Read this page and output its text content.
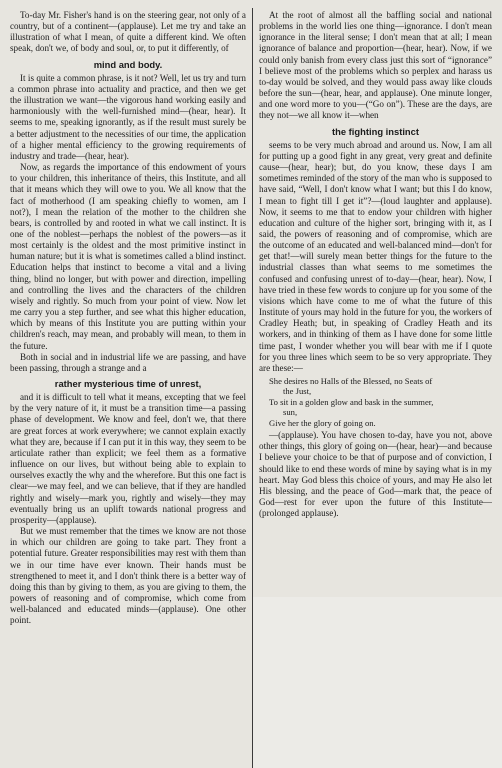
To-day Mr. Fisher's hand is on the steering gear, not only of a country, but of a continent—(applause). Let me try and take an illustration of what I mean, of quite a different kind. We often speak, don't we, of body and soul, or, to put it differently, of

mind and body.

It is quite a common phrase, is it not? Well, let us try and turn a common phrase into actuality and practice, and then we get the illustration we want—the vigorous hand working easily and harmoniously with the well-furnished mind—(hear, hear). It seems to me, speaking ignorantly, as if the result must surely be a better adjustment to the necessities of our time, the application of a higher mental efficiency to the growing requirements of industry and trade—(hear, hear).

Now, as regards the importance of this endowment of yours to your children, this inheritance of theirs, this Institute, and all that it means which they will owe to you. We all know that the fact of motherhood (I am speaking chiefly to women, am I not?), I mean the relation of the mother to the children she bears, is controlled by and rooted in what we call instinct. It is one of the noblest—perhaps the noblest of the powers—as it most certainly is the oldest and the most primitive instinct in human nature; but it is what is sometimes called a blind instinct. Education helps that instinct to become a vital and a living thing, blind no longer, but with power and direction, impelling and controlling the lives and the characters of the children wisely and rightly. So much from your point of view. Now let me carry you a step further, and see what this higher education, which by means of this Institute you are putting within your children's reach, may mean, and probably will mean, to them in the future.

Both in social and in industrial life we are passing, and have been passing, through a strange and a

rather mysterious time of unrest,

and it is difficult to tell what it means, excepting that we feel by the very nature of it, it must be a transition time—a passing phase of development. We know and feel, don't we, that there are great forces at work everywhere; we cannot explain exactly what they are, because if I can put it in this way, they seem to be articulate rather than explicit; we feel them as a formative influence on our lives, but without being able to explain to ourselves exactly the why and the wherefore. But this one fact is clear—we may feel, and we can believe, that if they are handled rightly and wisely—mark you, rightly and wisely—they may eventually bring us an uplift towards national progress and prosperity—(applause).

But we must remember that the times we know are not those in which our children are going to take part. They front a potential future. Greater responsibilities may rest with them than we in our time have ever known. Their hands must be strengthened to meet it, and I don't think there is a better way of doing this than by giving to them, as you are giving to them, the powers of reasoning and of compromise, which come from well-balanced and educated minds—(applause). One other point.

At the root of almost all the baffling social and national problems in the world lies one thing—ignorance. I don't mean ignorance in the literal sense; I don't mean that at all; I mean ignorance of balance and proportion—(hear, hear). Now, if we could only banish from every class just this sort of “ignorance” I believe most of the problems which so perplex and harass us to-day would be solved, and they would pass away like clouds before the sun—(hear, hear, and applause). One minute longer, and one word more to you—(“Go on”). These are the days, are they not—we all know it—when

the fighting instinct

seems to be very much abroad and around us. Now, I am all for putting up a good fight in any great, very great and definite cause—(hear, hear); but, do you know, these days I am sometimes reminded of the story of the man who is supposed to have said, “Well, I don't know what I want; but this I do know, I mean to fight till I get it”?—(loud laughter and applause). Now, it seems to me that to endow your children with higher education and culture of the higher sort, bringing with it, as I said, the powers of reasoning and of compromise, which are the outcome of an educated and well-balanced mind—don't for get that!—will surely mean better things for the future to the industrial classes than what seems to me sometimes the confused and confusing unrest of to-day—(hear, hear). Now, I have tried in these few words to conjure up for you some of the visions which have come to me of what the future of this Institute of yours may hold in the future for you, the workers of Cradley Heath; but, in speaking of Cradley Heath and its workers, and in thinking of them as I have done for some little time past, I wonder whether you will bear with me if I quote for you three lines which seem to be so very appropriate. They are these:—

She desires no Halls of the Blessed, no Seats of
the Just,
To sit in a golden glow and bask in the summer,
sun,
Give her the glory of going on.

—(applause). You have chosen to-day, have you not, above other things, this glory of going on—(hear, hear)—and because I believe your choice to be that of purpose and of conviction, I should like to end these words of mine by saying what is in my heart. May God bless this choice of yours, and may He also let His blessing, and the peace of God—mark that, the peace of God—rest for ever upon the future of this Institute—(prolonged applause).
